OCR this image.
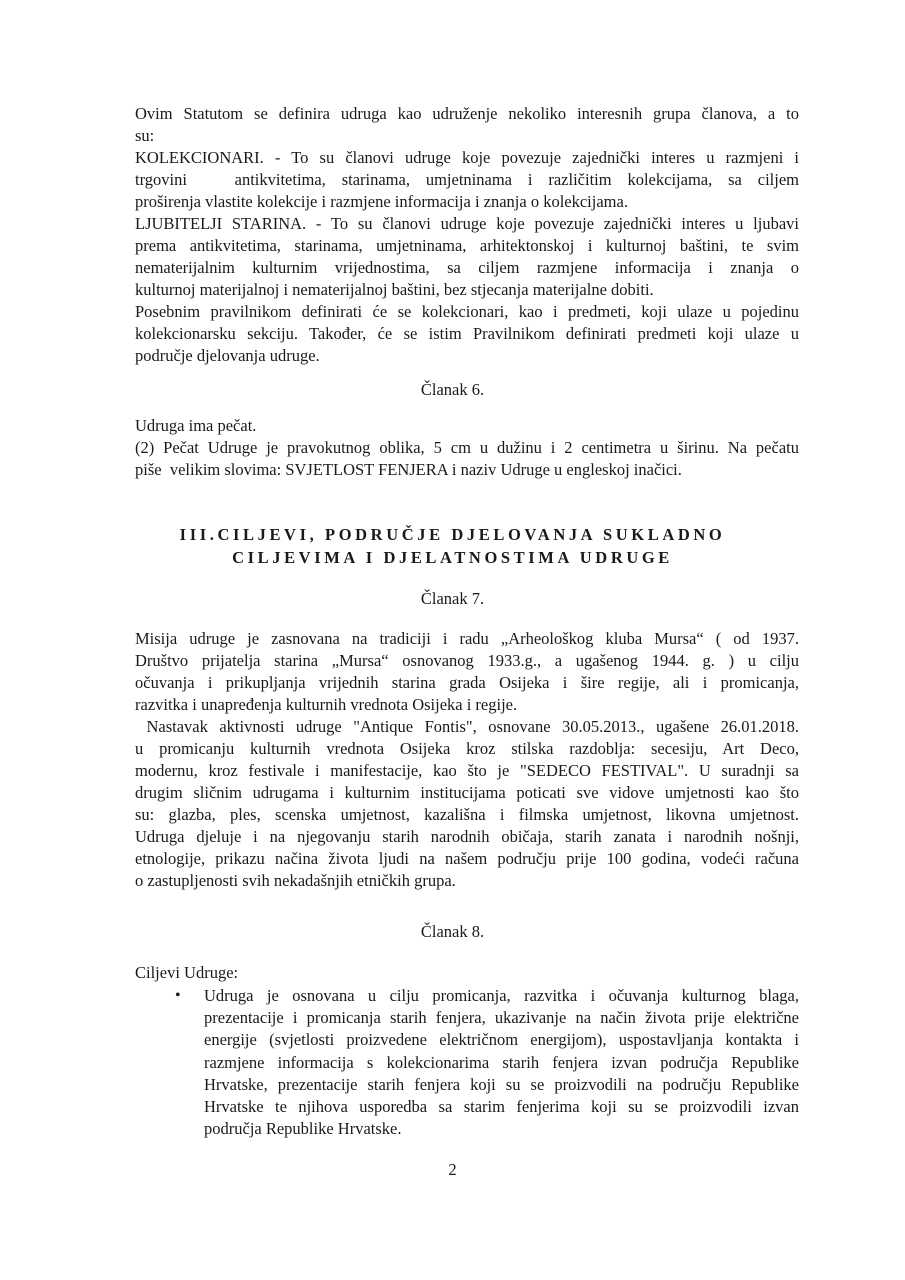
Ovim Statutom se definira udruga kao udruženje nekoliko interesnih grupa članova, a to
su:
KOLEKCIONARI. - To su članovi udruge koje povezuje zajednički interes u razmjeni i
trgovini   antikvitetima, starinama, umjetninama i različitim kolekcijama, sa ciljem
proširenja vlastite kolekcije i razmjene informacija i znanja o kolekcijama.
LJUBITELJI STARINA. - To su članovi udruge koje povezuje zajednički interes u ljubavi
prema antikvitetima, starinama, umjetninama, arhitektonskoj i kulturnoj baštini, te svim
nematerijalnim kulturnim vrijednostima, sa ciljem razmjene informacija i znanja o
kulturnoj materijalnoj i nematerijalnoj baštini, bez stjecanja materijalne dobiti.
Posebnim pravilnikom definirati će se kolekcionari, kao i predmeti, koji ulaze u pojedinu
kolekcionarsku sekciju. Također, će se istim Pravilnikom definirati predmeti koji ulaze u
područje djelovanja udruge.
Članak 6.
Udruga ima pečat.
(2) Pečat Udruge je pravokutnog oblika, 5 cm u dužinu i 2 centimetra u širinu. Na pečatu
piše  velikim slovima: SVJETLOST FENJERA i naziv Udruge u engleskoj inačici.
III.CILJEVI, PODRUČJE DJELOVANJA SUKLADNO
CILJEVIMA I DJELATNOSTIMA UDRUGE
Članak 7.
Misija udruge je zasnovana na tradiciji i radu „Arheološkog kluba Mursa“ ( od 1937.
Društvo prijatelja starina „Mursa“ osnovanog 1933.g., a ugašenog 1944. g. ) u cilju
očuvanja i prikupljanja vrijednih starina grada Osijeka i šire regije, ali i promicanja,
razvitka i unapređenja kulturnih vrednota Osijeka i regije.
Nastavak aktivnosti udruge "Antique Fontis", osnovane 30.05.2013., ugašene 26.01.2018.
u promicanju kulturnih vrednota Osijeka kroz stilska razdoblja: secesiju, Art Deco,
modernu, kroz festivale i manifestacije, kao što je "SEDECO FESTIVAL". U suradnji sa
drugim sličnim udrugama i kulturnim institucijama poticati sve vidove umjetnosti kao što
su: glazba, ples, scenska umjetnost, kazališna i filmska umjetnost, likovna umjetnost.
Udruga djeluje i na njegovanju starih narodnih običaja, starih zanata i narodnih nošnji,
etnologije, prikazu načina života ljudi na našem području prije 100 godina, vodeći računa
o zastupljenosti svih nekadašnjih etničkih grupa.
Članak 8.
Ciljevi Udruge:
• Udruga je osnovana u cilju promicanja, razvitka i očuvanja kulturnog blaga,
prezentacije i promicanja starih fenjera, ukazivanje na način života prije električne
energije (svjetlosti proizvedene električnom energijom), uspostavljanja kontakta i
razmjene informacija s kolekcionarima starih fenjera izvan područja Republike
Hrvatske, prezentacije starih fenjera koji su se proizvodili na području Republike
Hrvatske te njihova usporedba sa starim fenjerima koji su se proizvodili izvan
područja Republike Hrvatske.
2
